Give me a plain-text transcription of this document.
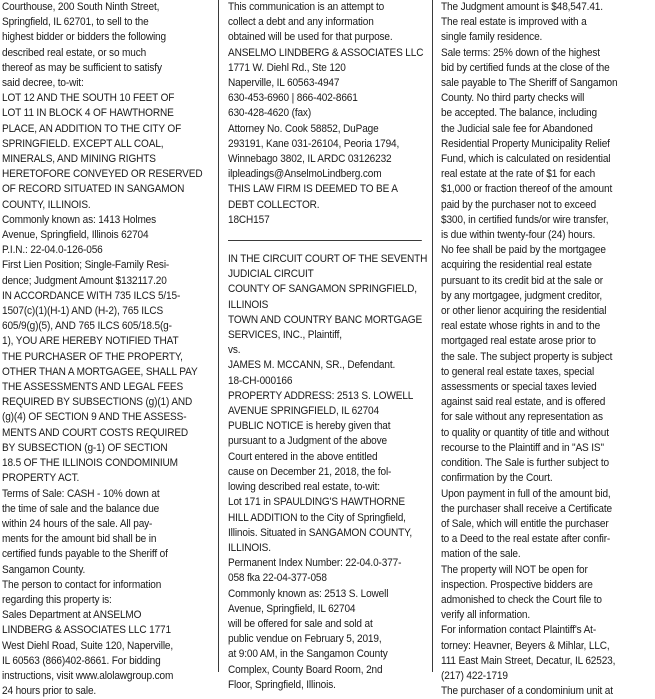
Courthouse, 200 South Ninth Street,
Springfield, IL 62701, to sell to the
highest bidder or bidders the following
described real estate, or so much
thereof as may be sufficient to satisfy
said decree, to-wit:
LOT 12 AND THE SOUTH 10 FEET OF
LOT 11 IN BLOCK 4 OF HAWTHORNE
PLACE, AN ADDITION TO THE CITY OF
SPRINGFIELD. EXCEPT ALL COAL,
MINERALS, AND MINING RIGHTS
HERETOFORE CONVEYED OR RESERVED
OF RECORD SITUATED IN SANGAMON
COUNTY, ILLINOIS.
Commonly known as: 1413 Holmes
Avenue, Springfield, Illinois 62704
P.I.N.: 22-04.0-126-056
First Lien Position; Single-Family Resi-
dence; Judgment Amount $132117.20
IN ACCORDANCE WITH 735 ILCS 5/15-
1507(c)(1)(H-1) AND (H-2), 765 ILCS
605/9(g)(5), AND 765 ILCS 605/18.5(g-
1), YOU ARE HEREBY NOTIFIED THAT
THE PURCHASER OF THE PROPERTY,
OTHER THAN A MORTGAGEE, SHALL PAY
THE ASSESSMENTS AND LEGAL FEES
REQUIRED BY SUBSECTIONS (g)(1) AND
(g)(4) OF SECTION 9 AND THE ASSESS-
MENTS AND COURT COSTS REQUIRED
BY SUBSECTION (g-1) OF SECTION
18.5 OF THE ILLINOIS CONDOMINIUM
PROPERTY ACT.
Terms of Sale: CASH - 10% down at
the time of sale and the balance due
within 24 hours of the sale. All pay-
ments for the amount bid shall be in
certified funds payable to the Sheriff of
Sangamon County.
The person to contact for information
regarding this property is:
Sales Department at ANSELMO
LINDBERG & ASSOCIATES LLC 1771
West Diehl Road, Suite 120, Naperville,
IL 60563 (866)402-8661. For bidding
instructions, visit www.alolawgroup.com
24 hours prior to sale.
This communication is an attempt to
collect a debt and any information
obtained will be used for that purpose.
ANSELMO LINDBERG & ASSOCIATES LLC
1771 W. Diehl Rd., Ste 120
Naperville, IL 60563-4947
630-453-6960 | 866-402-8661
630-428-4620 (fax)
Attorney No. Cook 58852, DuPage
293191, Kane 031-26104, Peoria 1794,
Winnebago 3802, IL ARDC 03126232
ilpleadings@AnselmoLindberg.com
THIS LAW FIRM IS DEEMED TO BE A
DEBT COLLECTOR.
18CH157
IN THE CIRCUIT COURT OF THE SEVENTH
JUDICIAL CIRCUIT
COUNTY OF SANGAMON SPRINGFIELD,
ILLINOIS
TOWN AND COUNTRY BANC MORTGAGE
SERVICES, INC., Plaintiff,
vs.
JAMES M. MCCANN, SR., Defendant.
18-CH-000166
PROPERTY ADDRESS: 2513 S. LOWELL
AVENUE SPRINGFIELD, IL 62704
PUBLIC NOTICE is hereby given that
pursuant to a Judgment of the above
Court entered in the above entitled
cause on December 21, 2018, the fol-
lowing described real estate, to-wit:
Lot 171 in SPAULDING'S HAWTHORNE
HILL ADDITION to the City of Springfield,
Illinois. Situated in SANGAMON COUNTY,
ILLINOIS.
Permanent Index Number: 22-04.0-377-
058 fka 22-04-377-058
Commonly known as: 2513 S. Lowell
Avenue, Springfield, IL 62704
will be offered for sale and sold at
public vendue on February 5, 2019,
at 9:00 AM, in the Sangamon County
Complex, County Board Room, 2nd
Floor, Springfield, Illinois.
The Judgment amount is $48,547.41.
The real estate is improved with a
single family residence.
Sale terms: 25% down of the highest
bid by certified funds at the close of the
sale payable to The Sheriff of Sangamon
County. No third party checks will
be accepted. The balance, including
the Judicial sale fee for Abandoned
Residential Property Municipality Relief
Fund, which is calculated on residential
real estate at the rate of $1 for each
$1,000 or fraction thereof of the amount
paid by the purchaser not to exceed
$300, in certified funds/or wire transfer,
is due within twenty-four (24) hours.
No fee shall be paid by the mortgagee
acquiring the residential real estate
pursuant to its credit bid at the sale or
by any mortgagee, judgment creditor,
or other lienor acquiring the residential
real estate whose rights in and to the
mortgaged real estate arose prior to
the sale. The subject property is subject
to general real estate taxes, special
assessments or special taxes levied
against said real estate, and is offered
for sale without any representation as
to quality or quantity of title and without
recourse to the Plaintiff and in "AS IS"
condition. The Sale is further subject to
confirmation by the Court.
Upon payment in full of the amount bid,
the purchaser shall receive a Certificate
of Sale, which will entitle the purchaser
to a Deed to the real estate after confir-
mation of the sale.
The property will NOT be open for
inspection. Prospective bidders are
admonished to check the Court file to
verify all information.
For information contact Plaintiff's At-
torney: Heavner, Beyers & Mihlar, LLC,
111 East Main Street, Decatur, IL 62523,
(217) 422-1719
The purchaser of a condominium unit at
